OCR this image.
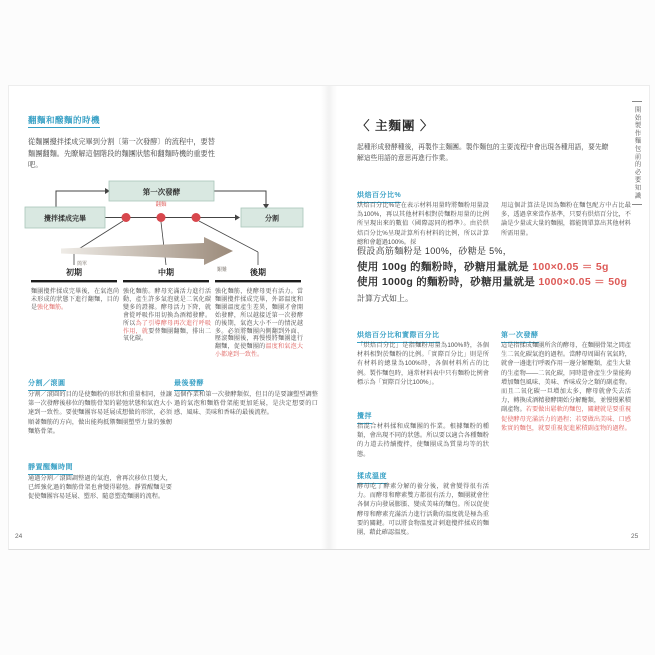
翻麵和醱麵的時機
從麵團攪拌揉成完畢到分割〔第一次發酵〕的流程中，要替麵團翻麵。先瞭解這個階段的麵團狀態和翻麵時機的重要性吧。
第一次發酵
攪拌揉成完畢	分割
簡單
艱難
翻麵
初期	中期	後期
麵團攪拌揉成完畢後，在氣泡尚未形成的狀態下進行翻麵，目的是強化麵筋。
強化麵筋。酵母充滿活力進行活動，產生許多氣泡就是二氧化碳變多的證據。酵母活力下降，就會從呼吸作用切換為酒精發酵。所以為了引導酵母再次進行呼吸作用，就要替麵團翻麵，排出二氧化碳。
強化麵筋，使酵母更有活力。當麵團攪拌揉成完畢，外部溫度和麵團溫度產生差異，麵團才會開始發酵，所以越接近第一次發酵的後期，氣泡大小不一的情況越多。必須將麵團內側翻到外面、壓滾麵團後，再慢慢將麵團進行翻麵，促使麵團的溫度和氣泡大小都達到一致性。
分割／滾圓
分割／滾圓的目的是使麵粉的形狀和重量相同，並讓第一次發酵後移位的麵筋骨架的鬆弛狀態和氣泡大小達到一致性。要使麵團容易延展成想做的形狀，必須順著麵筋的方向，做出能夠抵禦麵團塑型力量的強韌麵筋骨架。
靜置醒麵時間
通過分割／滾圓調整過的氣泡，會再次移位且變大，已經強化過的麵筋骨架也會變得鬆弛。靜置醒麵是要促使麵團容易延展、塑形、隨意塑造麵團的流程。
最後發酵
這個作業和第一次發酵類似，但目的是要讓塑型調整過的氣泡和麵筋骨架能更加延展，是決定想要的口感、風味、美味和香味的最後流程。
24
開始製作麵包前的必要知識
〈 主麵團 〉
起種形成發酵種後，再製作主麵團。製作麵包的主要流程中會出現各種用語，要先瞭解這些用語的意思再進行作業。
烘焙百分比%
烘焙百分比%是在表示材料用量時將麵粉用量設為100%，再以其他材料相對於麵粉用量的比例所呈現出來的數值（國際認同的標準）。由於烘焙百分比%呈現計算所有材料的比例，所以計算總和會超過100%。採
用這個計算法是因為麵粉在麵包配方中占比最多，透過拿來當作基準，只要有烘焙百分比，不論是少量或大量的麵團，都能簡單算出其他材料所需用量。
假設高筋麵粉是 100%，砂糖是 5%，
使用 100g 的麵粉時，砂糖用量就是 100×0.05 ＝ 5g
使用 1000g 的麵粉時，砂糖用量就是 1000×0.05 ＝ 50g
計算方式如上。
烘焙百分比和實際百分比
「烘焙百分比」是指麵粉用量為100%時，各個材料相對於麵粉的比例。「實際百分比」則是所有材料的總量為100%時，各個材料所占的比例。製作麵包時，通常材料表中只有麵粉比例會標示為「實際百分比100%」。
攪拌
指混合材料揉和成麵團的作業。根據麵粉的種類，會出現不同的狀態。所以要以適合各種麵粉的力道去持續攪拌，使麵團成為質量均等的狀態。
揉成溫度
酵母吃了酵素分解的養分後，就會變得很有活力。而酵母和酵素雙方都很有活力，麵團就會往各個方向發展膨脹、變成美味的麵包。所以促使酵母和酵素充滿活力進行活動的溫度就是極為重要的關鍵。可以將食物溫度計刺進攪拌揉成的麵團，藉此確認溫度。
第一次發酵
這是指揉成麵團所含的酵母，在麵團骨架之間產生二氧化碳氣泡的過程。當酵母周圍有氧氣時，就會一邊進行呼吸作用一邊分解醣類，產生大量的生產物——二氧化碳，同時還會產生少量能夠增加麵包風味、美味、香味成分之類的副產物。而且二氧化碳一旦增加太多，酵母就會失去活力，轉換成酒精發酵開始分解醣類，並慢慢累積副產物。若要做出鬆軟的麵包，關鍵就是要重視促使酵母充滿活力的過程；若要做出美味、口感紮實的麵包，就要重視促進累積副產物的過程。
25
